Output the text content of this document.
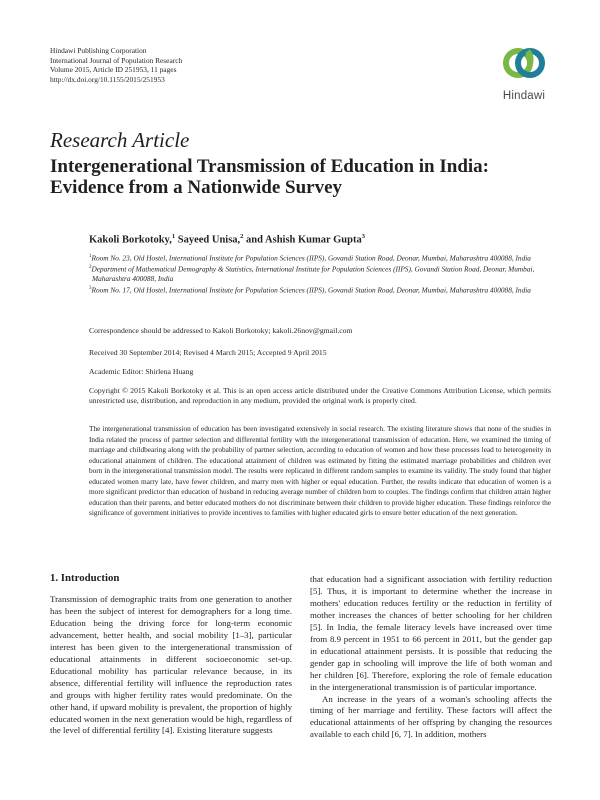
Hindawi Publishing Corporation
International Journal of Population Research
Volume 2015, Article ID 251953, 11 pages
http://dx.doi.org/10.1155/2015/251953
Hindawi
Research Article
Intergenerational Transmission of Education in India:
Evidence from a Nationwide Survey
Kakoli Borkotoky,$^1$ Sayeed Unisa,$^2$ and Ashish Kumar Gupta$^3$
$^1$Room No. 23, Old Hostel, International Institute for Population Sciences (IIPS), Govandi Station Road, Deonar, Mumbai, Maharashtra 400088, India
$^2$Department of Mathematical Demography & Statistics, International Institute for Population Sciences (IIPS), Govandi Station Road, Deonar, Mumbai, Maharashtra 400088, India
$^3$Room No. 17, Old Hostel, International Institute for Population Sciences (IIPS), Govandi Station Road, Deonar, Mumbai, Maharashtra 400088, India
Correspondence should be addressed to Kakoli Borkotoky; kakoli.26nov@gmail.com
Received 30 September 2014; Revised 4 March 2015; Accepted 9 April 2015
Academic Editor: Shirlena Huang
Copyright © 2015 Kakoli Borkotoky et al. This is an open access article distributed under the Creative Commons Attribution License, which permits unrestricted use, distribution, and reproduction in any medium, provided the original work is properly cited.
The intergenerational transmission of education has been investigated extensively in social research. The existing literature shows that none of the studies in India related the process of partner selection and differential fertility with the intergenerational transmission of education. Here, we examined the timing of marriage and childbearing along with the probability of partner selection, according to education of women and how these processes lead to heterogeneity in educational attainment of children. The educational attainment of children was estimated by fitting the estimated marriage probabilities and children ever born in the intergenerational transmission model. The results were replicated in different random samples to examine its validity. The study found that higher educated women marry late, have fewer children, and marry men with higher or equal education. Further, the results indicate that education of women is a more significant predictor than education of husband in reducing average number of children born to couples. The findings confirm that children attain higher education than their parents, and better educated mothers do not discriminate between their children to provide higher education. These findings reinforce the significance of government initiatives to provide incentives to families with higher educated girls to ensure better education of the next generation.
1. Introduction

Transmission of demographic traits from one generation to another has been the subject of interest for demographers for a long time. Education being the driving force for long-term economic advancement, better health, and social mobility [1–3], particular interest has been given to the intergenerational transmission of educational attainments in different socioeconomic set-up. Educational mobility has particular relevance because, in its absence, differential fertility will influence the reproduction rates and groups with higher fertility rates would predominate. On the other hand, if upward mobility is prevalent, the proportion of highly educated women in the next generation would be high, regardless of the level of differential fertility [4]. Existing literature suggests

that education had a significant association with fertility reduction [5]. Thus, it is important to determine whether the increase in mothers' education reduces fertility or the reduction in fertility of mother increases the chances of better schooling for her children [5]. In India, the female literacy levels have increased over time from 8.9 percent in 1951 to 66 percent in 2011, but the gender gap in educational attainment persists. It is possible that reducing the gender gap in schooling will improve the life of both woman and her children [6]. Therefore, exploring the role of female education in the intergenerational transmission is of particular importance.

An increase in the years of a woman's schooling affects the timing of her marriage and fertility. These factors will affect the educational attainments of her offspring by changing the resources available to each child [6, 7]. In addition, mothers
